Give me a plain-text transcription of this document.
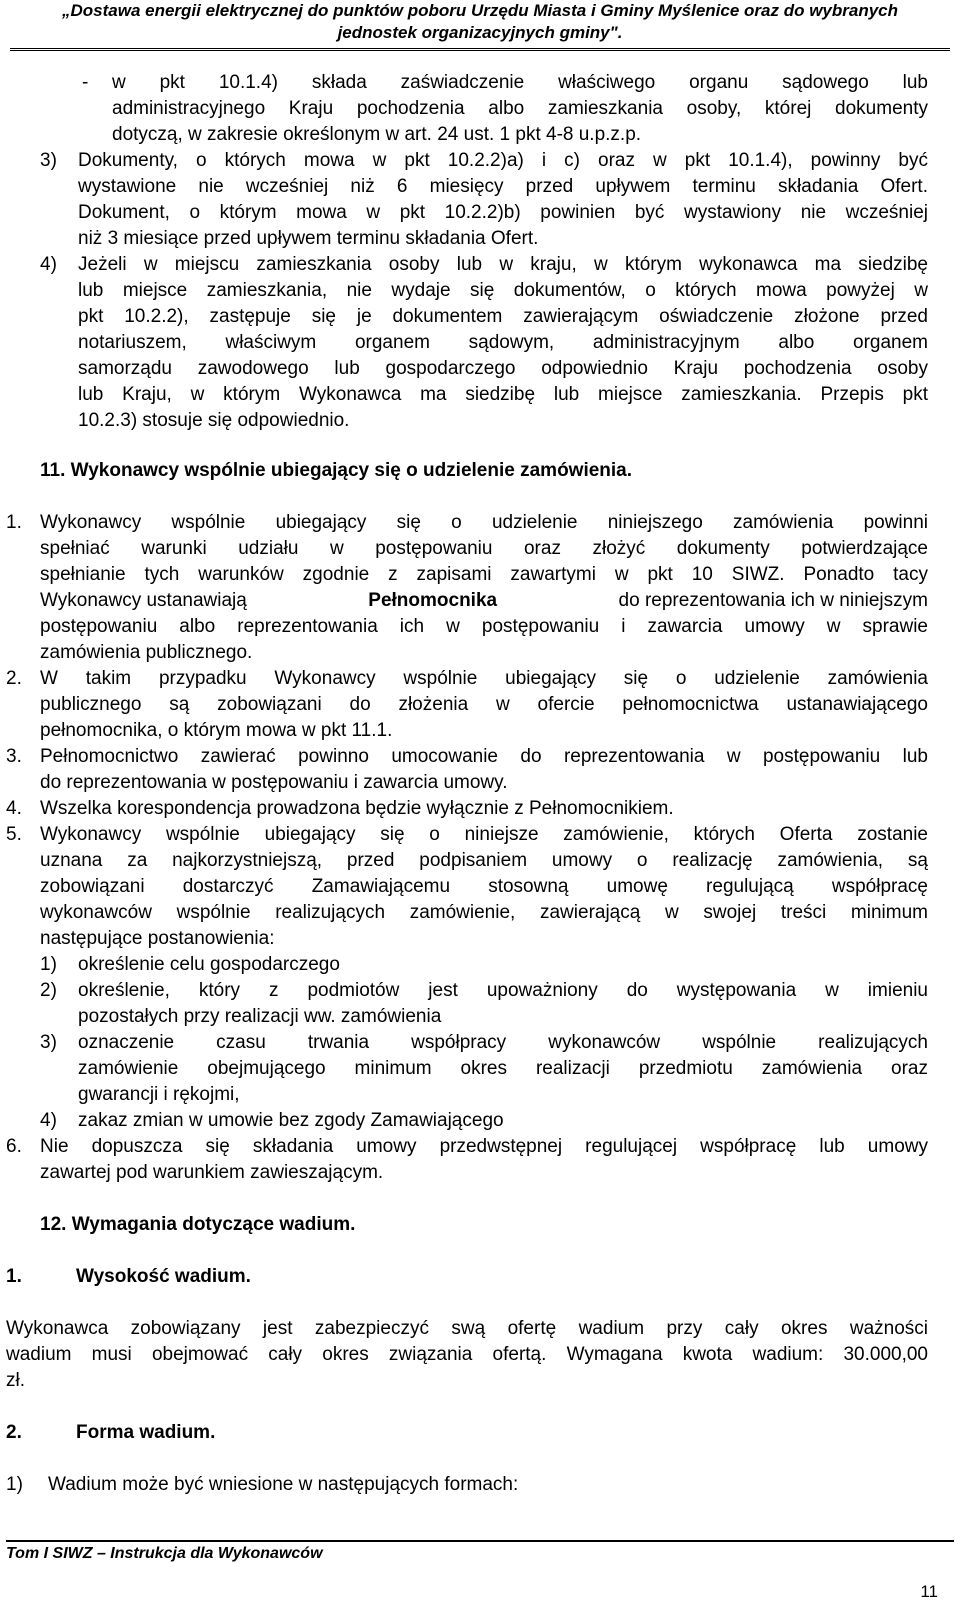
„Dostawa energii elektrycznej do punktów poboru Urzędu Miasta i Gminy Myślenice oraz do wybranych
jednostek organizacyjnych gminy".
- w pkt 10.1.4) składa zaświadczenie właściwego organu sądowego lub
administracyjnego Kraju pochodzenia albo zamieszkania osoby, której dokumenty
dotyczą, w zakresie określonym w art. 24 ust. 1 pkt 4-8 u.p.z.p.
3) Dokumenty, o których mowa w pkt 10.2.2)a) i c) oraz w pkt 10.1.4), powinny być
wystawione nie wcześniej niż 6 miesięcy przed upływem terminu składania Ofert.
Dokument, o którym mowa w pkt 10.2.2)b) powinien być wystawiony nie wcześniej
niż 3 miesiące przed upływem terminu składania Ofert.
4) Jeżeli w miejscu zamieszkania osoby lub w kraju, w którym wykonawca ma siedzibę
lub miejsce zamieszkania, nie wydaje się dokumentów, o których mowa powyżej w
pkt 10.2.2), zastępuje się je dokumentem zawierającym oświadczenie złożone przed
notariuszem, właściwym organem sądowym, administracyjnym albo organem
samorządu zawodowego lub gospodarczego odpowiednio Kraju pochodzenia osoby
lub Kraju, w którym Wykonawca ma siedzibę lub miejsce zamieszkania. Przepis pkt
10.2.3) stosuje się odpowiednio.
11. Wykonawcy wspólnie ubiegający się o udzielenie zamówienia.
1. Wykonawcy wspólnie ubiegający się o udzielenie niniejszego zamówienia powinni
spełniać warunki udziału w postępowaniu oraz złożyć dokumenty potwierdzające
spełnianie tych warunków zgodnie z zapisami zawartymi w pkt 10 SIWZ. Ponadto tacy
Wykonawcy ustanawiają	Pełnomocnika	do reprezentowania ich w niniejszym
postępowaniu albo reprezentowania ich w postępowaniu i zawarcia umowy w sprawie
zamówienia publicznego.
2. W takim przypadku Wykonawcy wspólnie ubiegający się o udzielenie zamówienia
publicznego są zobowiązani do złożenia w ofercie pełnomocnictwa ustanawiającego
pełnomocnika, o którym mowa w pkt 11.1.
3. Pełnomocnictwo zawierać powinno umocowanie do reprezentowania w postępowaniu lub
do reprezentowania w postępowaniu i zawarcia umowy.
4. Wszelka korespondencja prowadzona będzie wyłącznie z Pełnomocnikiem.
5. Wykonawcy wspólnie ubiegający się o niniejsze zamówienie, których Oferta zostanie
uznana za najkorzystniejszą, przed podpisaniem umowy o realizację zamówienia, są
zobowiązani dostarczyć Zamawiającemu stosowną umowę regulującą współpracę
wykonawców wspólnie realizujących zamówienie, zawierającą w swojej treści minimum
następujące postanowienia:
1) określenie celu gospodarczego
2) określenie, który z podmiotów jest upoważniony do występowania w imieniu
pozostałych przy realizacji ww. zamówienia
3) oznaczenie czasu trwania współpracy wykonawców wspólnie realizujących
zamówienie obejmującego minimum okres realizacji przedmiotu zamówienia oraz
gwarancji i rękojmi,
4) zakaz zmian w umowie bez zgody Zamawiającego
6. Nie dopuszcza się składania umowy przedwstępnej regulującej współpracę lub umowy
zawartej pod warunkiem zawieszającym.
12. Wymagania dotyczące wadium.
1.	Wysokość wadium.
Wykonawca zobowiązany jest zabezpieczyć swą ofertę wadium przy cały okres ważności
wadium musi obejmować cały okres związania ofertą. Wymagana kwota wadium: 30.000,00
zł.
2.	Forma wadium.
1) Wadium może być wniesione w następujących formach:
Tom I SIWZ – Instrukcja dla Wykonawców
11
